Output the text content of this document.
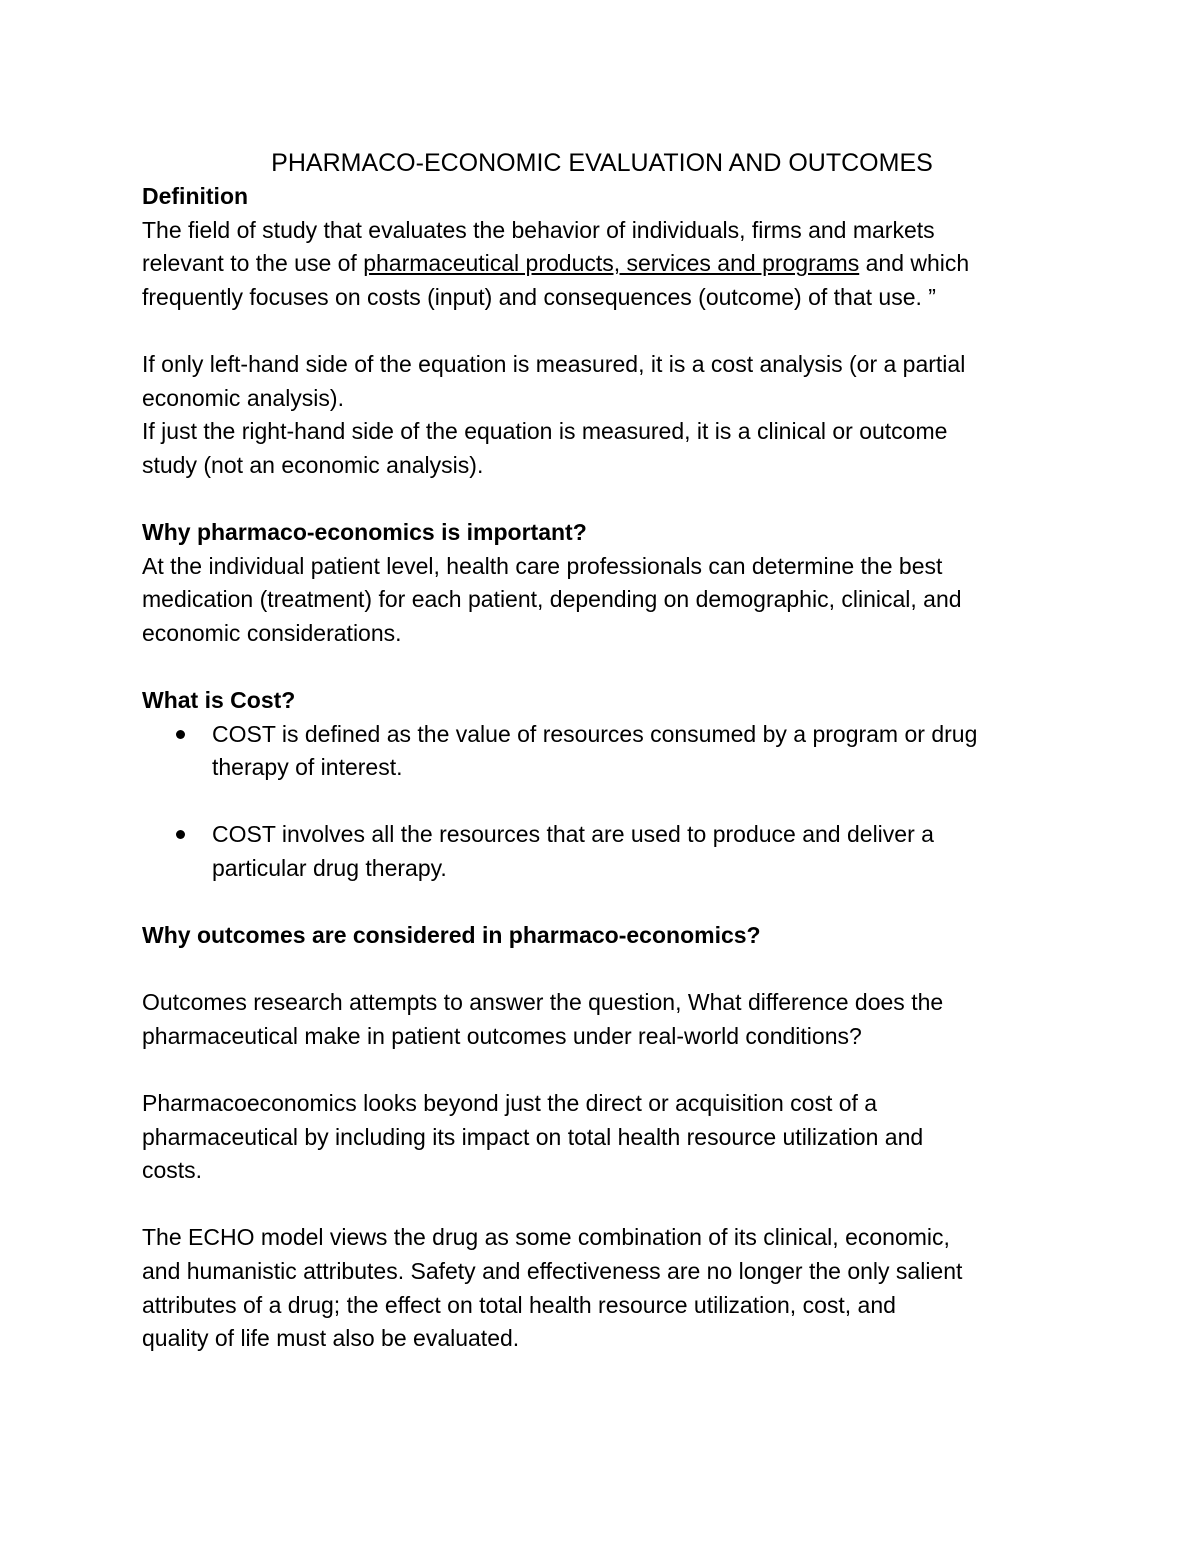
PHARMACO-ECONOMIC EVALUATION AND OUTCOMES

Definition

The field of study that evaluates the behavior of individuals, firms and markets

relevant to the use of pharmaceutical products, services and programs and which

frequently focuses on costs (input) and consequences (outcome) of that use. ”

If only left-hand side of the equation is measured, it is a cost analysis (or a partial

economic analysis).

If just the right-hand side of the equation is measured, it is a clinical or outcome

study (not an economic analysis).

Why pharmaco-economics is important?

At the individual patient level, health care professionals can determine the best

medication (treatment) for each patient, depending on demographic, clinical, and

economic considerations.

What is Cost?

COST is defined as the value of resources consumed by a program or drug

therapy of interest.

COST involves all the resources that are used to produce and deliver a

particular drug therapy.

Why outcomes are considered in pharmaco-economics?

Outcomes research attempts to answer the question, What difference does the

pharmaceutical make in patient outcomes under real-world conditions?

Pharmacoeconomics looks beyond just the direct or acquisition cost of a

pharmaceutical by including its impact on total health resource utilization and

costs.

The ECHO model views the drug as some combination of its clinical, economic,

and humanistic attributes. Safety and effectiveness are no longer the only salient

attributes of a drug; the effect on total health resource utilization, cost, and

quality of life must also be evaluated.
